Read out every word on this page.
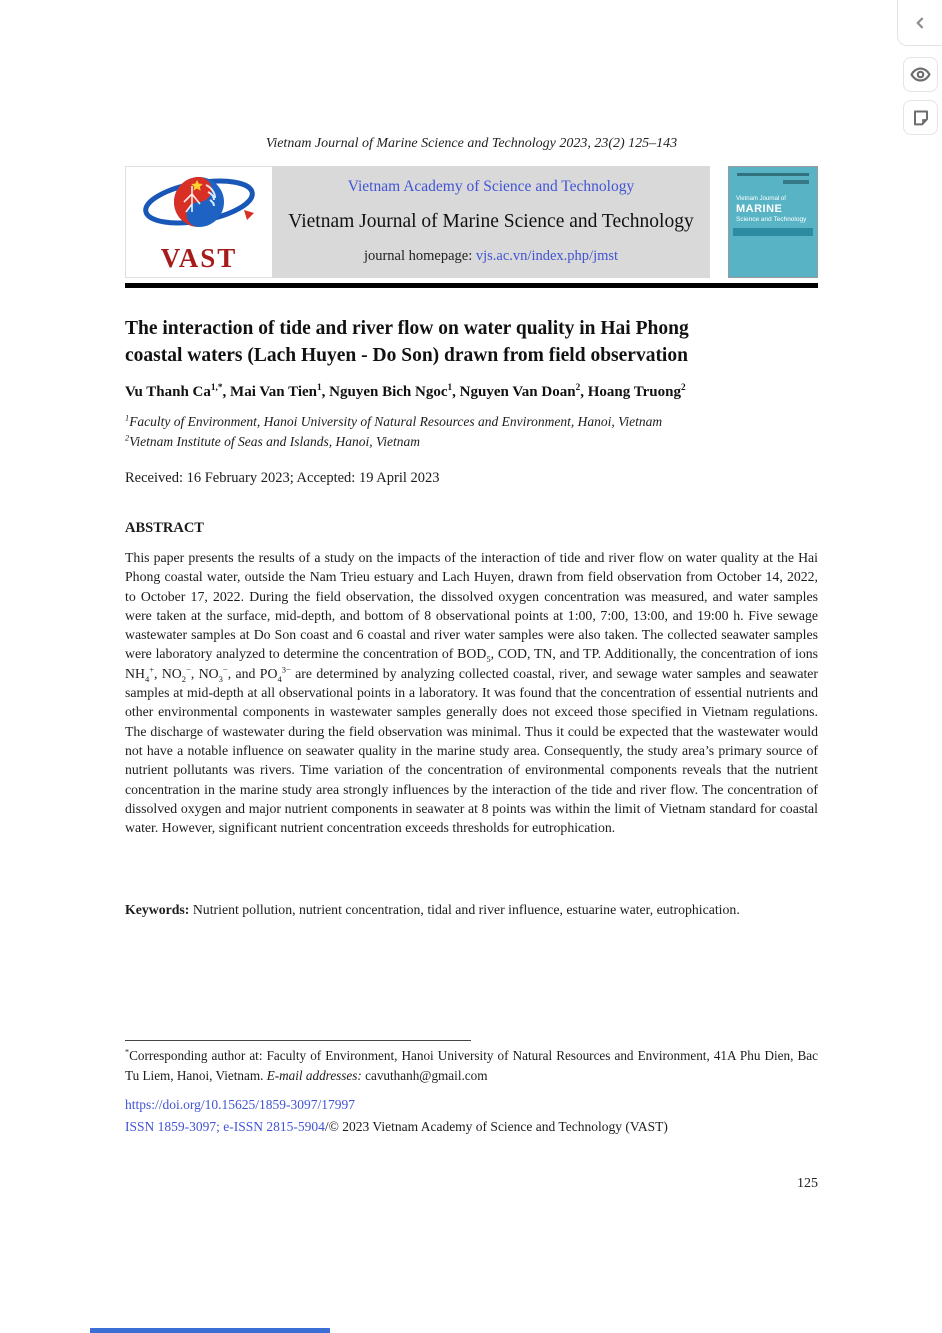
Vietnam Journal of Marine Science and Technology 2023, 23(2) 125–143
VAST
Vietnam Academy of Science and Technology
Vietnam Journal of Marine Science and Technology
journal homepage: vjs.ac.vn/index.php/jmst
Vietnam Journal of
MARINE
Science and Technology
The interaction of tide and river flow on water quality in Hai Phong
coastal waters (Lach Huyen - Do Son) drawn from field observation
Vu Thanh $Ca^{1,*}$, Mai Van Tien$^1$, Nguyen Bich Ngoc$^1$, Nguyen Van Doan$^2$, Hoang Truong$^2$
$^1$Faculty of Environment, Hanoi University of Natural Resources and Environment, Hanoi, Vietnam
$^2$Vietnam Institute of Seas and Islands, Hanoi, Vietnam
Received: 16 February 2023; Accepted: 19 April 2023
ABSTRACT
This paper presents the results of a study on the impacts of the interaction of tide and river flow on water quality at the Hai Phong coastal water, outside the Nam Trieu estuary and Lach Huyen, drawn from field observation from October 14, 2022, to October 17, 2022. During the field observation, the dissolved oxygen concentration was measured, and water samples were taken at the surface, mid-depth, and bottom of 8 observational points at 1:00, 7:00, 13:00, and 19:00 h. Five sewage wastewater samples at Do Son coast and 6 coastal and river water samples were also taken. The collected seawater samples were laboratory analyzed to determine the concentration of $BOD_5$, COD, TN, and TP. Additionally, the concentration of ions $NH_4^+$, $NO_2^-$, $NO_3^-$, and $PO_4^{3-}$ are determined by analyzing collected coastal, river, and sewage water samples and seawater samples at mid-depth at all observational points in a laboratory. It was found that the concentration of essential nutrients and other environmental components in wastewater samples generally does not exceed those specified in Vietnam regulations. The discharge of wastewater during the field observation was minimal. Thus it could be expected that the wastewater would not have a notable influence on seawater quality in the marine study area. Consequently, the study area’s primary source of nutrient pollutants was rivers. Time variation of the concentration of environmental components reveals that the nutrient concentration in the marine study area strongly influences by the interaction of the tide and river flow. The concentration of dissolved oxygen and major nutrient components in seawater at 8 points was within the limit of Vietnam standard for coastal water. However, significant nutrient concentration exceeds thresholds for eutrophication.
Keywords: Nutrient pollution, nutrient concentration, tidal and river influence, estuarine water, eutrophication.
*Corresponding author at: Faculty of Environment, Hanoi University of Natural Resources and Environment, 41A Phu Dien, Bac Tu Liem, Hanoi, Vietnam. E-mail addresses: cavuthanh@gmail.com
https://doi.org/10.15625/1859-3097/17997
ISSN 1859-3097; e-ISSN 2815-5904/© 2023 Vietnam Academy of Science and Technology (VAST)
125
